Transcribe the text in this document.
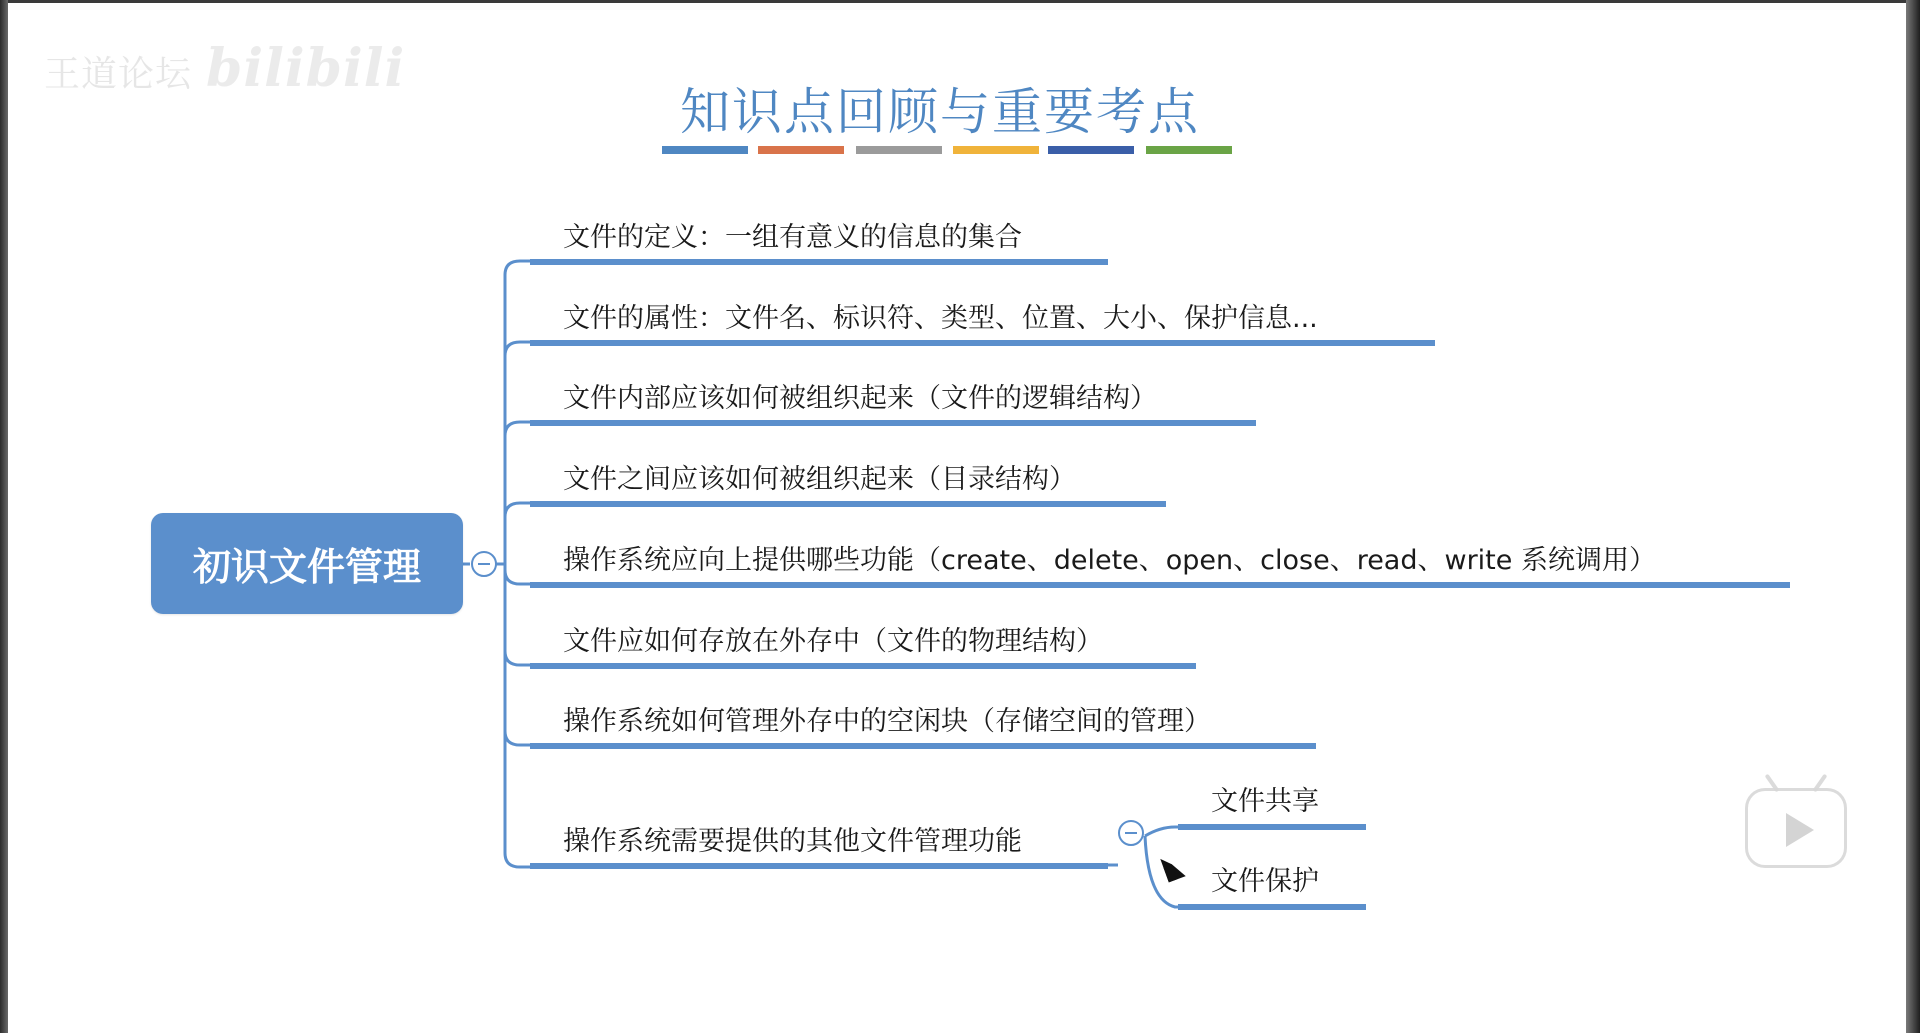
王道论坛 bilibili
知识点回顾与重要考点
初识文件管理
文件的定义：一组有意义的信息的集合
文件的属性：文件名、标识符、类型、位置、大小、保护信息...
文件内部应该如何被组织起来（文件的逻辑结构）
文件之间应该如何被组织起来（目录结构）
操作系统应向上提供哪些功能（create、delete、open、close、read、write 系统调用）
文件应如何存放在外存中（文件的物理结构）
操作系统如何管理外存中的空闲块（存储空间的管理）
操作系统需要提供的其他文件管理功能
文件共享
文件保护
